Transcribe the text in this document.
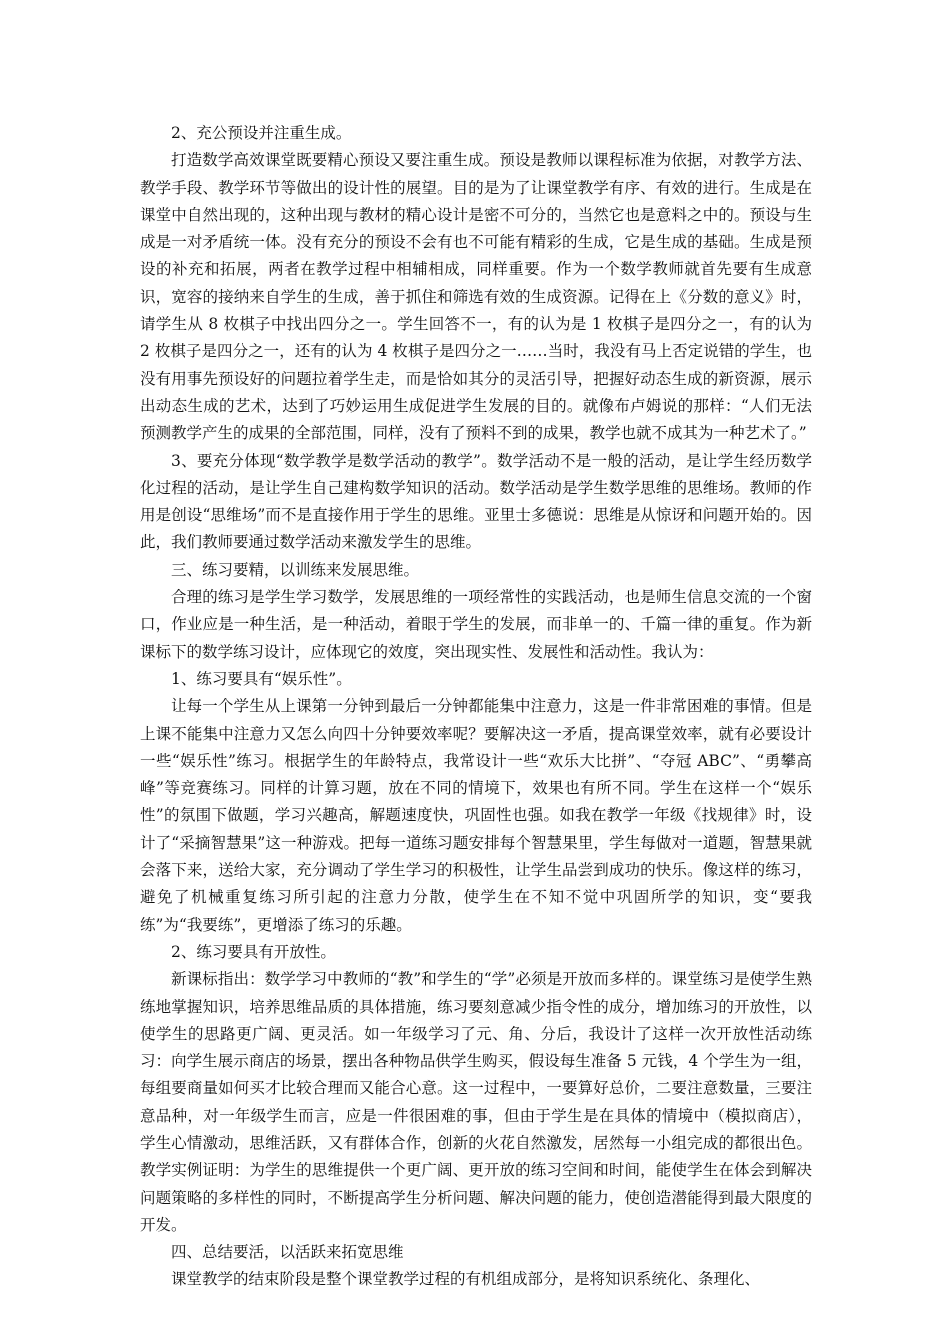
2、充公预设并注重生成。

打造数学高效课堂既要精心预设又要注重生成。预设是教师以课程标准为依据，对教学方法、教学手段、教学环节等做出的设计性的展望。目的是为了让课堂教学有序、有效的进行。生成是在课堂中自然出现的，这种出现与教材的精心设计是密不可分的，当然它也是意料之中的。预设与生成是一对矛盾统一体。没有充分的预设不会有也不可能有精彩的生成，它是生成的基础。生成是预设的补充和拓展，两者在教学过程中相辅相成，同样重要。作为一个数学教师就首先要有生成意识，宽容的接纳来自学生的生成，善于抓住和筛选有效的生成资源。记得在上《分数的意义》时，请学生从 8 枚棋子中找出四分之一。学生回答不一，有的认为是 1 枚棋子是四分之一，有的认为 2 枚棋子是四分之一，还有的认为 4 枚棋子是四分之一……当时，我没有马上否定说错的学生，也没有用事先预设好的问题拉着学生走，而是恰如其分的灵活引导，把握好动态生成的新资源，展示出动态生成的艺术，达到了巧妙运用生成促进学生发展的目的。就像布卢姆说的那样：“人们无法预测教学产生的成果的全部范围，同样，没有了预料不到的成果，教学也就不成其为一种艺术了。”

3、要充分体现“数学教学是数学活动的教学”。数学活动不是一般的活动，是让学生经历数学化过程的活动，是让学生自己建构数学知识的活动。数学活动是学生数学思维的思维场。教师的作用是创设“思维场”而不是直接作用于学生的思维。亚里士多德说：思维是从惊讶和问题开始的。因此，我们教师要通过数学活动来激发学生的思维。

三、练习要精，以训练来发展思维。

合理的练习是学生学习数学，发展思维的一项经常性的实践活动，也是师生信息交流的一个窗口，作业应是一种生活，是一种活动，着眼于学生的发展，而非单一的、千篇一律的重复。作为新课标下的数学练习设计，应体现它的效度，突出现实性、发展性和活动性。我认为：

1、练习要具有“娱乐性”。

让每一个学生从上课第一分钟到最后一分钟都能集中注意力，这是一件非常困难的事情。但是上课不能集中注意力又怎么向四十分钟要效率呢？要解决这一矛盾，提高课堂效率，就有必要设计一些“娱乐性”练习。根据学生的年龄特点，我常设计一些“欢乐大比拼”、“夺冠 ABC”、“勇攀高峰”等竞赛练习。同样的计算习题，放在不同的情境下，效果也有所不同。学生在这样一个“娱乐性”的氛围下做题，学习兴趣高，解题速度快，巩固性也强。如我在教学一年级《找规律》时，设计了“采摘智慧果”这一种游戏。把每一道练习题安排每个智慧果里，学生每做对一道题，智慧果就会落下来，送给大家，充分调动了学生学习的积极性，让学生品尝到成功的快乐。像这样的练习，避免了机械重复练习所引起的注意力分散，使学生在不知不觉中巩固所学的知识，变“要我练”为“我要练”，更增添了练习的乐趣。

2、练习要具有开放性。

新课标指出：数学学习中教师的“教”和学生的“学”必须是开放而多样的。课堂练习是使学生熟练地掌握知识，培养思维品质的具体措施，练习要刻意减少指令性的成分，增加练习的开放性，以使学生的思路更广阔、更灵活。如一年级学习了元、角、分后，我设计了这样一次开放性活动练习：向学生展示商店的场景，摆出各种物品供学生购买，假设每生准备 5 元钱，4 个学生为一组，每组要商量如何买才比较合理而又能合心意。这一过程中，一要算好总价，二要注意数量，三要注意品种，对一年级学生而言，应是一件很困难的事，但由于学生是在具体的情境中（模拟商店），学生心情激动，思维活跃，又有群体合作，创新的火花自然激发，居然每一小组完成的都很出色。教学实例证明：为学生的思维提供一个更广阔、更开放的练习空间和时间，能使学生在体会到解决问题策略的多样性的同时，不断提高学生分析问题、解决问题的能力，使创造潜能得到最大限度的开发。

四、总结要活，以活跃来拓宽思维

课堂教学的结束阶段是整个课堂教学过程的有机组成部分，是将知识系统化、条理化、
